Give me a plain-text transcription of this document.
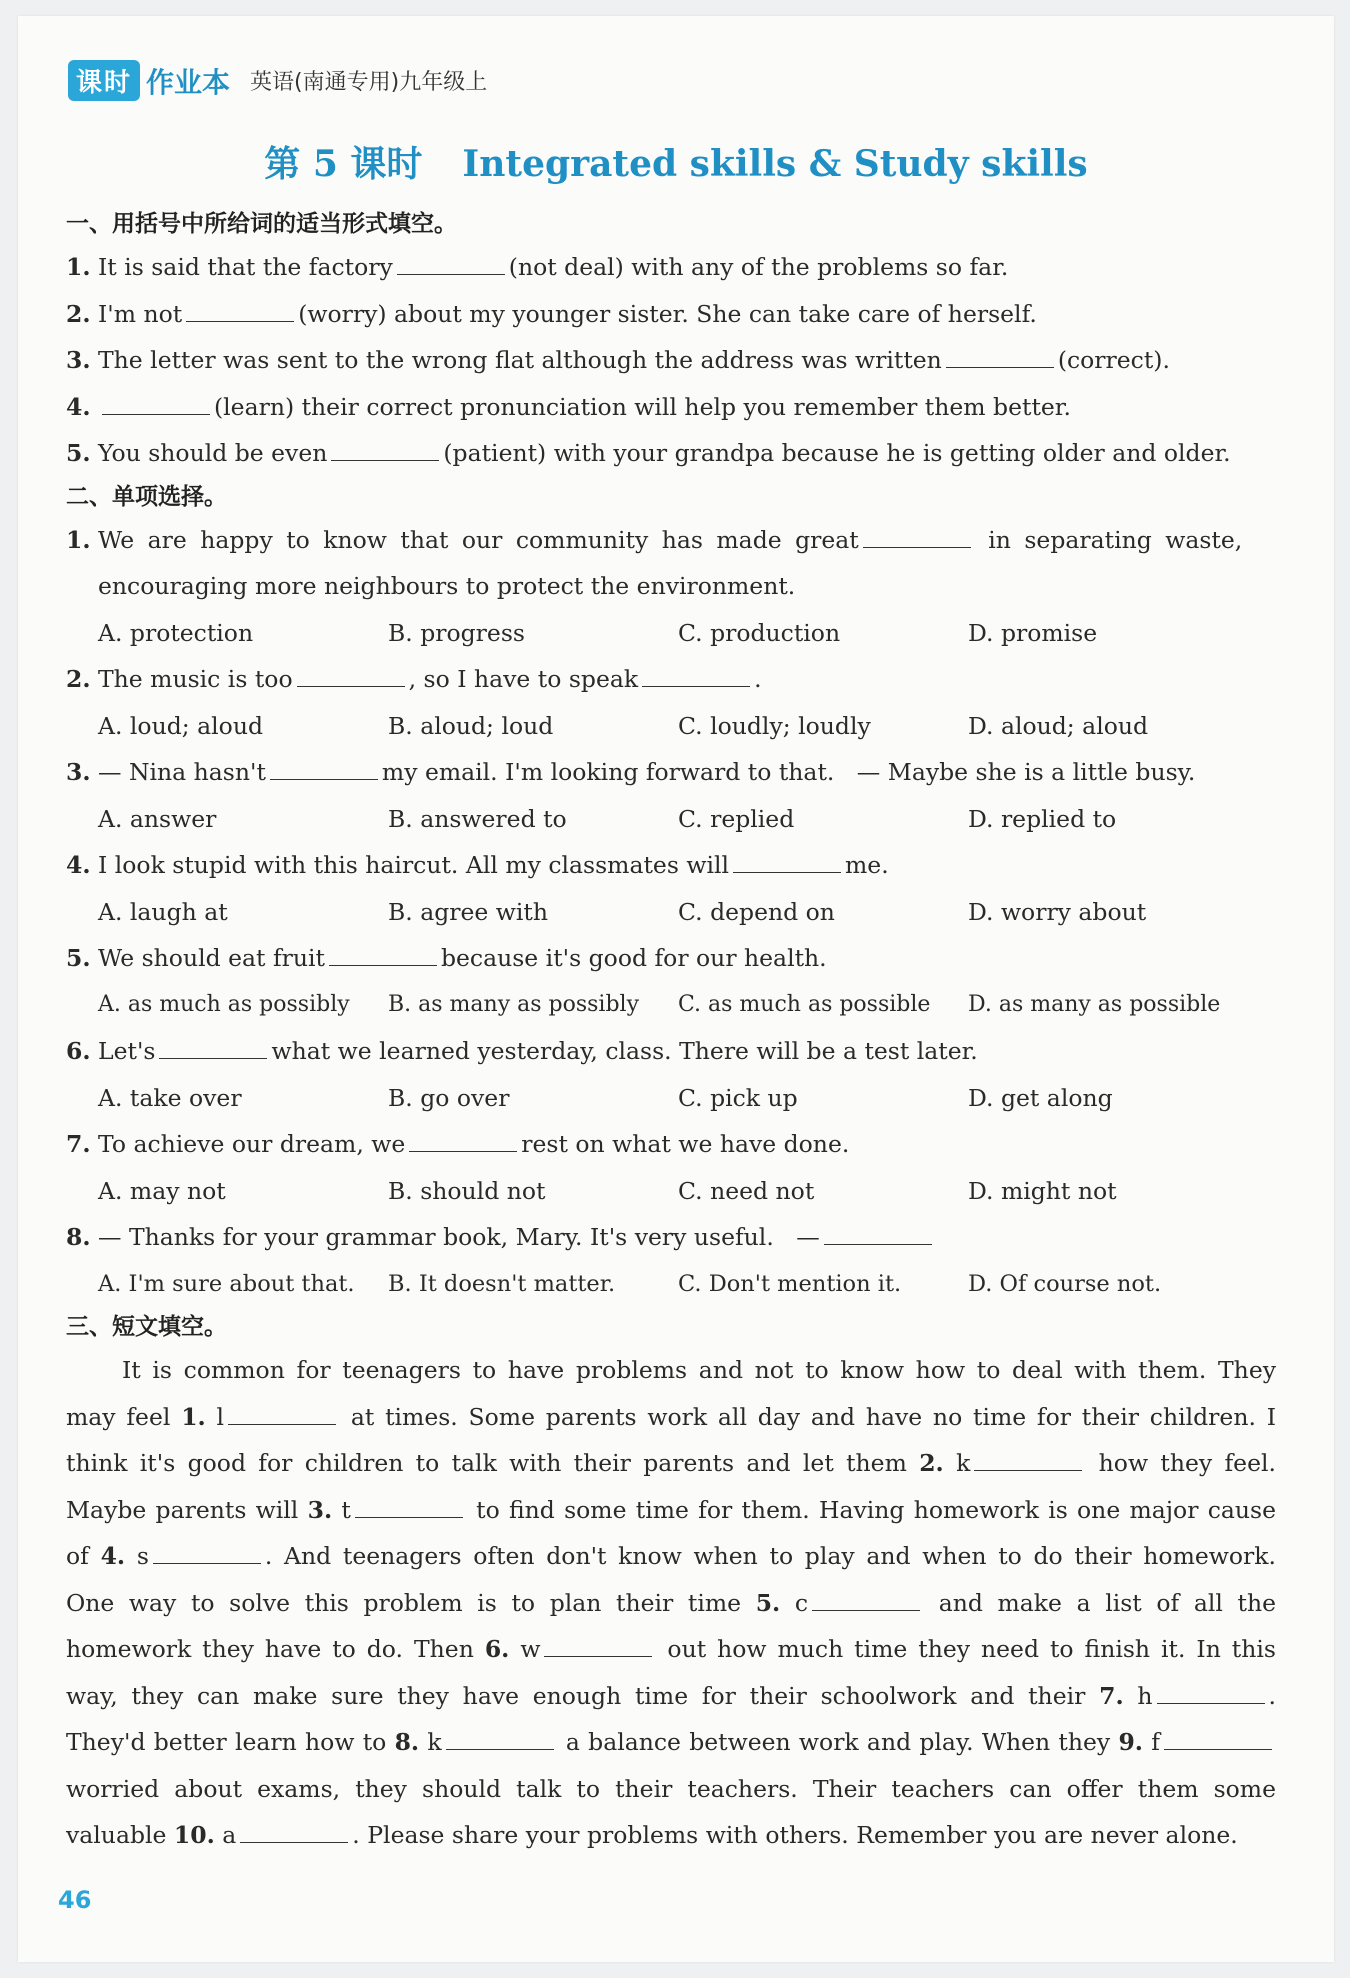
课时 作业本 英语(南通专用)九年级上
第 5 课时 Integrated skills & Study skills
一、用括号中所给词的适当形式填空。
1. It is said that the factory	(not deal) with any of the problems so far.
2. I'm not	(worry) about my younger sister. She can take care of herself.
3. The letter was sent to the wrong flat although the address was written	(correct).
4.	(learn) their correct pronunciation will help you remember them better.
5. You should be even	(patient) with your grandpa because he is getting older and older.
二、单项选择。
1. We are happy to know that our community has made great	in separating waste,
encouraging more neighbours to protect the environment.
A. protection	B. progress	C. production	D. promise
2. The music is too	, so I have to speak	.
A. loud; aloud	B. aloud; loud	C. loudly; loudly	D. aloud; aloud
3. — Nina hasn't	my email. I'm looking forward to that. — Maybe she is a little busy.
A. answer	B. answered to	C. replied	D. replied to
4. I look stupid with this haircut. All my classmates will	me.
A. laugh at	B. agree with	C. depend on	D. worry about
5. We should eat fruit	because it's good for our health.
A. as much as possibly	B. as many as possibly	C. as much as possible	D. as many as possible
6. Let's	what we learned yesterday, class. There will be a test later.
A. take over	B. go over	C. pick up	D. get along
7. To achieve our dream, we	rest on what we have done.
A. may not	B. should not	C. need not	D. might not
8. — Thanks for your grammar book, Mary. It's very useful. —
A. I'm sure about that.	B. It doesn't matter.	C. Don't mention it.	D. Of course not.
三、短文填空。
It is common for teenagers to have problems and not to know how to deal with them. They
may feel 1. l	at times. Some parents work all day and have no time for their children. I
think it's good for children to talk with their parents and let them 2. k	how they feel.
Maybe parents will 3. t	to find some time for them. Having homework is one major cause
of 4. s	. And teenagers often don't know when to play and when to do their homework.
One way to solve this problem is to plan their time 5. c	and make a list of all the
homework they have to do. Then 6. w	out how much time they need to finish it. In this
way, they can make sure they have enough time for their schoolwork and their 7. h	.
They'd better learn how to 8. k	a balance between work and play. When they 9. f
worried about exams, they should talk to their teachers. Their teachers can offer them some
valuable 10. a	. Please share your problems with others. Remember you are never alone.
46
